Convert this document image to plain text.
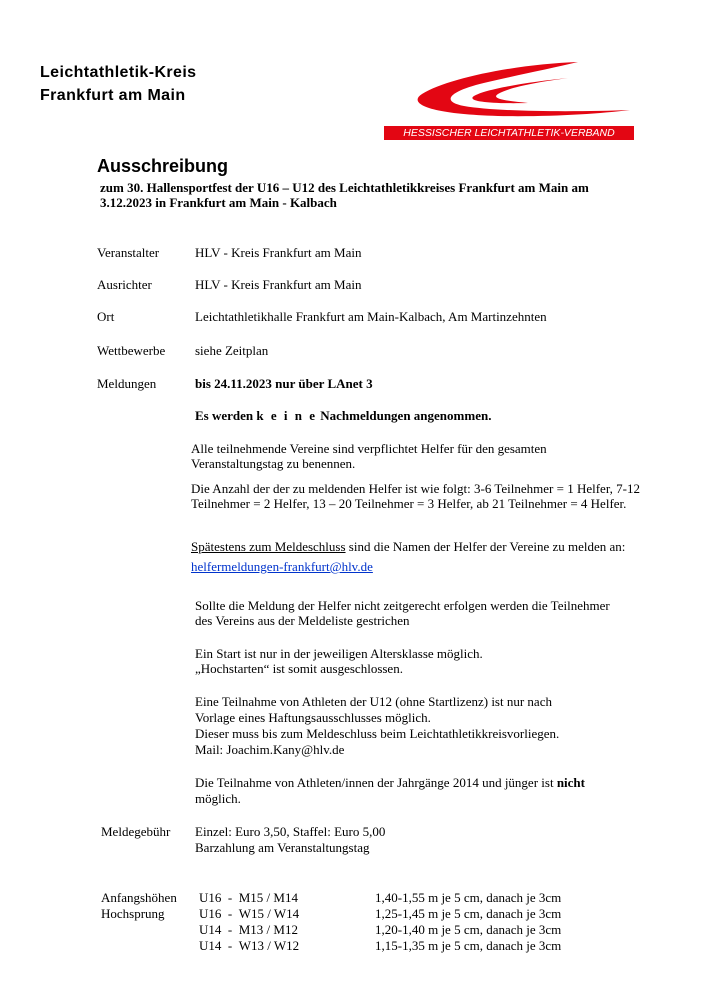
Leichtathletik-Kreis
Frankfurt am Main
HESSISCHER LEICHTATHLETIK-VERBAND
Ausschreibung
zum 30. Hallensportfest der U16 – U12 des Leichtathletikkreises Frankfurt am Main am
3.12.2023 in Frankfurt am Main - Kalbach
Veranstalter	HLV - Kreis Frankfurt am Main
Ausrichter	HLV - Kreis Frankfurt am Main
Ort	Leichtathletikhalle Frankfurt am Main-Kalbach, Am Martinzehnten
Wettbewerbe siehe Zeitplan
Meldungen	bis 24.11.2023 nur über LAnet 3
Es werden k e i n e Nachmeldungen angenommen.
Alle teilnehmende Vereine sind verpflichtet Helfer für den gesamten
Veranstaltungstag zu benennen.
Die Anzahl der der zu meldenden Helfer ist wie folgt: 3-6 Teilnehmer = 1 Helfer, 7-12
Teilnehmer = 2 Helfer, 13 – 20 Teilnehmer = 3 Helfer, ab 21 Teilnehmer = 4 Helfer.
Spätestens zum Meldeschluss sind die Namen der Helfer der Vereine zu melden an:
helfermeldungen-frankfurt@hlv.de
Sollte die Meldung der Helfer nicht zeitgerecht erfolgen werden die Teilnehmer
des Vereins aus der Meldeliste gestrichen
Ein Start ist nur in der jeweiligen Altersklasse möglich.
„Hochstarten“ ist somit ausgeschlossen.
Eine Teilnahme von Athleten der U12 (ohne Startlizenz) ist nur nach
Vorlage eines Haftungsausschlusses möglich.
Dieser muss bis zum Meldeschluss beim Leichtathletikkreisvorliegen.
Mail: Joachim.Kany@hlv.de
Die Teilnahme von Athleten/innen der Jahrgänge 2014 und jünger ist nicht
möglich.
Meldegebühr Einzel: Euro 3,50, Staffel: Euro 5,00
Barzahlung am Veranstaltungstag
Anfangshöhen
Hochsprung
U16  -  M15 / M14	1,40-1,55 m je 5 cm, danach je 3cm
U16  -  W15 / W14	1,25-1,45 m je 5 cm, danach je 3cm
U14  -  M13 / M12	1,20-1,40 m je 5 cm, danach je 3cm
U14  -  W13 / W12	1,15-1,35 m je 5 cm, danach je 3cm
